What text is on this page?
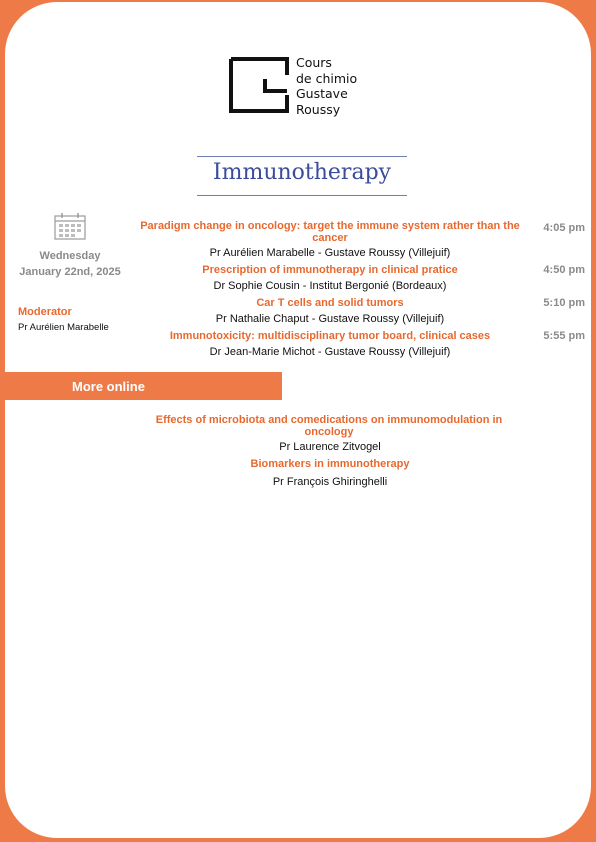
Cours
de chimio
Gustave
Roussy
Immunotherapy
Wednesday
January 22nd, 2025
Moderator
Pr Aurélien Marabelle
Paradigm change in oncology: target the immune system rather than the cancer
Pr Aurélien Marabelle - Gustave Roussy (Villejuif)
4:05 pm
Prescription of immunotherapy in clinical pratice
Dr Sophie Cousin - Institut Bergonié (Bordeaux)
4:50 pm
Car T cells and solid tumors
Pr Nathalie Chaput - Gustave Roussy (Villejuif)
5:10 pm
Immunotoxicity: multidisciplinary tumor board, clinical cases
Dr Jean-Marie Michot - Gustave Roussy (Villejuif)
5:55 pm
More online
Effects of microbiota and comedications on immunomodulation in oncology
Pr Laurence Zitvogel
Biomarkers in immunotherapy
Pr François Ghiringhelli
6
